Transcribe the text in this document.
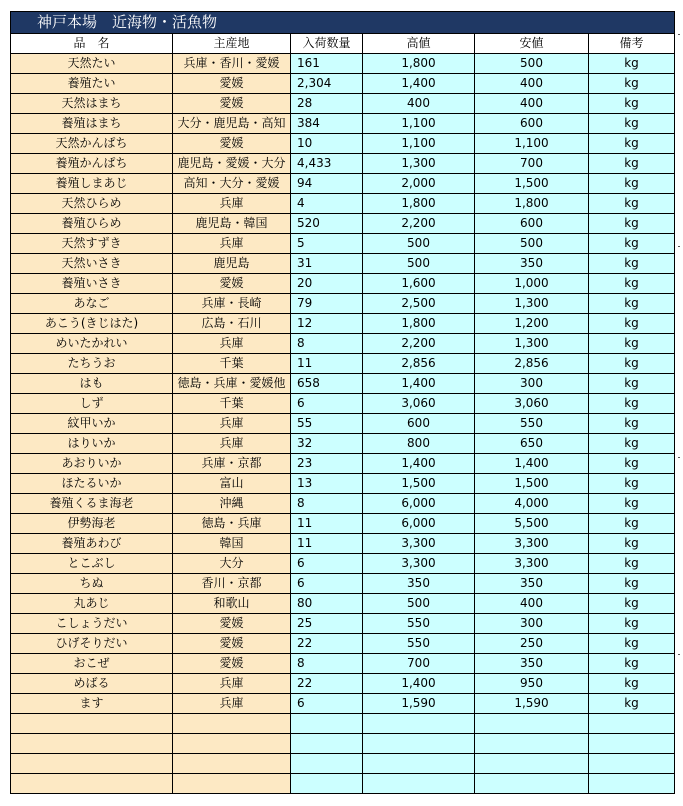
神戸本場　近海物・活魚物					
品　名	主産地	入荷数量	高値	安値	備考
天然たい	兵庫・香川・愛媛	161	1,800	500	kg
養殖たい	愛媛	2,304	1,400	400	kg
天然はまち	愛媛	28	400	400	kg
養殖はまち	大分・鹿児島・高知	384	1,100	600	kg
天然かんぱち	愛媛	10	1,100	1,100	kg
養殖かんぱち	鹿児島・愛媛・大分	4,433	1,300	700	kg
養殖しまあじ	高知・大分・愛媛	94	2,000	1,500	kg
天然ひらめ	兵庫	4	1,800	1,800	kg
養殖ひらめ	鹿児島・韓国	520	2,200	600	kg
天然すずき	兵庫	5	500	500	kg
天然いさき	鹿児島	31	500	350	kg
養殖いさき	愛媛	20	1,600	1,000	kg
あなご	兵庫・長崎	79	2,500	1,300	kg
あこう(きじはた)	広島・石川	12	1,800	1,200	kg
めいたかれい	兵庫	8	2,200	1,300	kg
たちうお	千葉	11	2,856	2,856	kg
はも	徳島・兵庫・愛媛他	658	1,400	300	kg
しず	千葉	6	3,060	3,060	kg
紋甲いか	兵庫	55	600	550	kg
はりいか	兵庫	32	800	650	kg
あおりいか	兵庫・京都	23	1,400	1,400	kg
ほたるいか	富山	13	1,500	1,500	kg
養殖くるま海老	沖縄	8	6,000	4,000	kg
伊勢海老	徳島・兵庫	11	6,000	5,500	kg
養殖あわび	韓国	11	3,300	3,300	kg
とこぶし	大分	6	3,300	3,300	kg
ちぬ	香川・京都	6	350	350	kg
丸あじ	和歌山	80	500	400	kg
こしょうだい	愛媛	25	550	300	kg
ひげそりだい	愛媛	22	550	250	kg
おこぜ	愛媛	8	700	350	kg
めばる	兵庫	22	1,400	950	kg
ます	兵庫	6	1,590	1,590	kg
